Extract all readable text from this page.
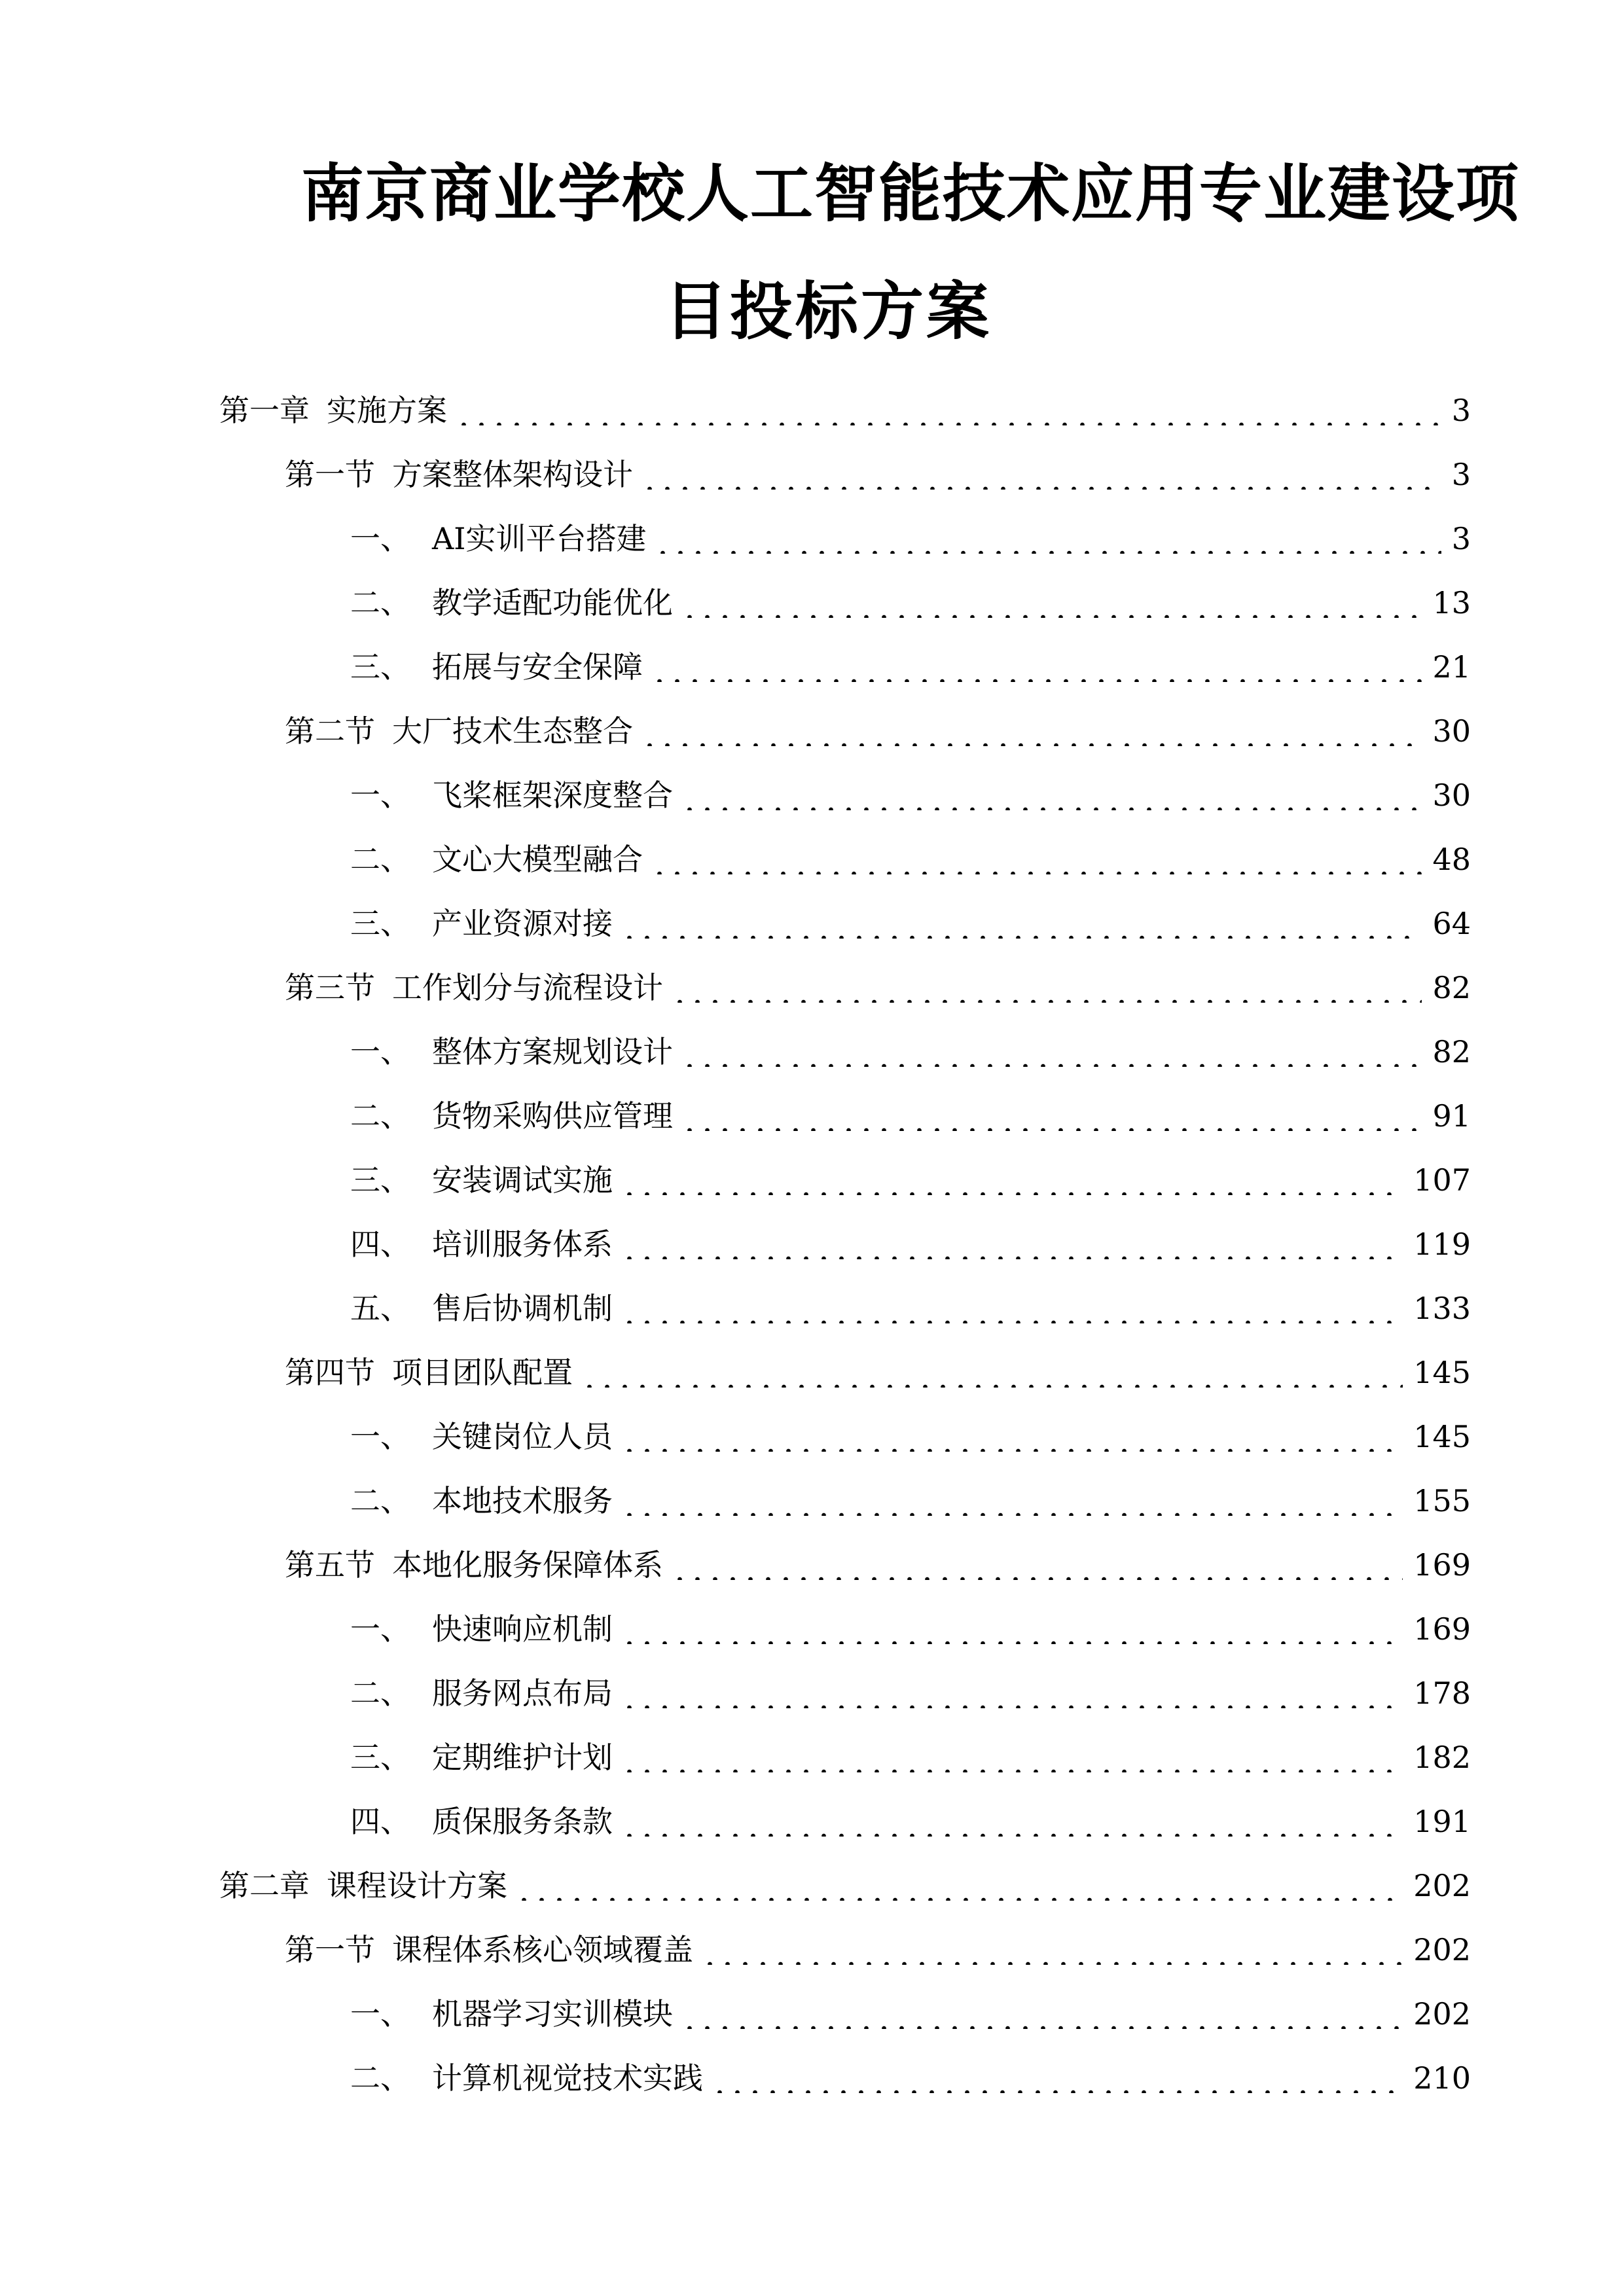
南京商业学校人工智能技术应用专业建设项
目投标方案
第一章 实施方案	3
第一节 方案整体架构设计	3
一、 AI实训平台搭建	3
二、 教学适配功能优化	13
三、 拓展与安全保障	21
第二节 大厂技术生态整合	30
一、 飞桨框架深度整合	30
二、 文心大模型融合	48
三、 产业资源对接	64
第三节 工作划分与流程设计	82
一、 整体方案规划设计	82
二、 货物采购供应管理	91
三、 安装调试实施	107
四、 培训服务体系	119
五、 售后协调机制	133
第四节 项目团队配置	145
一、 关键岗位人员	145
二、 本地技术服务	155
第五节 本地化服务保障体系	169
一、 快速响应机制	169
二、 服务网点布局	178
三、 定期维护计划	182
四、 质保服务条款	191
第二章 课程设计方案	202
第一节 课程体系核心领域覆盖	202
一、 机器学习实训模块	202
二、 计算机视觉技术实践	210
